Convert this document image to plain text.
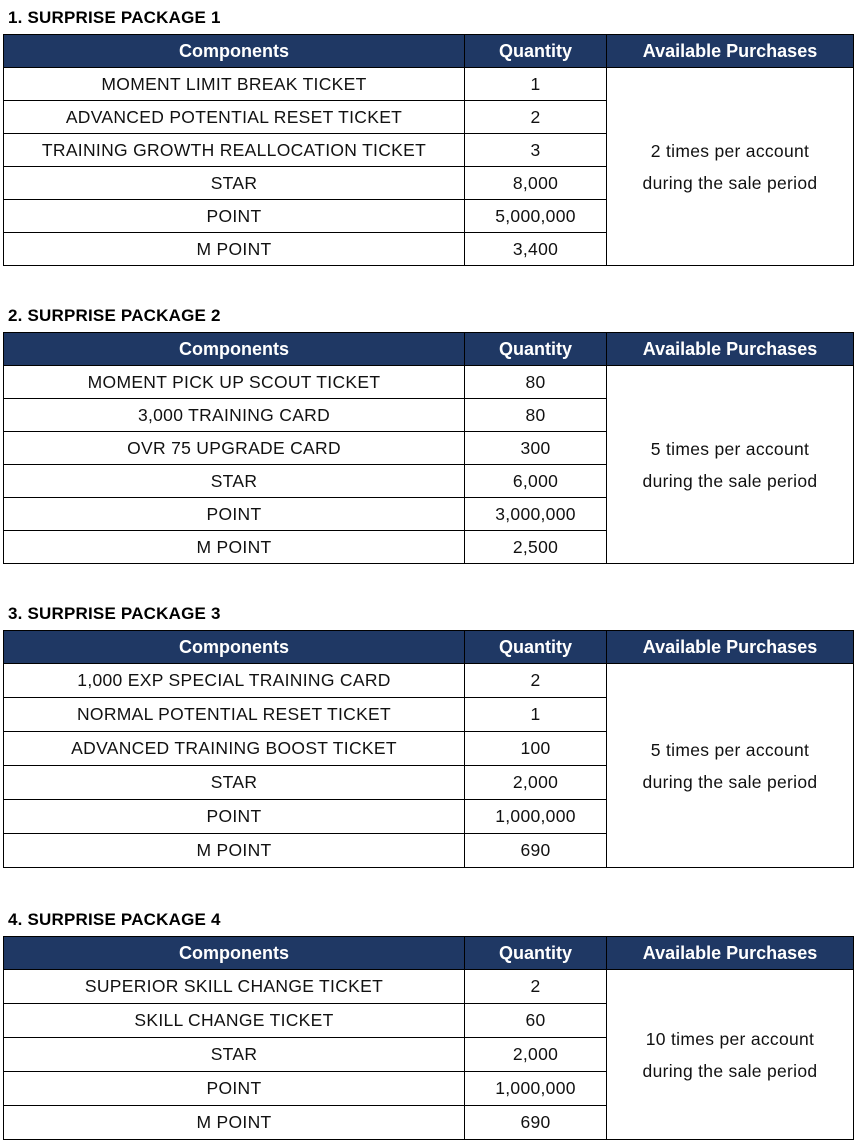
1. SURPRISE PACKAGE 1
Components	Quantity	Available Purchases
MOMENT LIMIT BREAK TICKET	1	2 times per account
during the sale period

ADVANCED POTENTIAL RESET TICKET	2	
TRAINING GROWTH REALLOCATION TICKET	3	
STAR	8,000	
POINT	5,000,000	
M POINT	3,400	
2. SURPRISE PACKAGE 2
Components	Quantity	Available Purchases
MOMENT PICK UP SCOUT TICKET	80	5 times per account
during the sale period

3,000 TRAINING CARD	80	
OVR 75 UPGRADE CARD	300	
STAR	6,000	
POINT	3,000,000	
M POINT	2,500	
3. SURPRISE PACKAGE 3
Components	Quantity	Available Purchases
1,000 EXP SPECIAL TRAINING CARD	2	5 times per account
during the sale period

NORMAL POTENTIAL RESET TICKET	1	
ADVANCED TRAINING BOOST TICKET	100	
STAR	2,000	
POINT	1,000,000	
M POINT	690	
4. SURPRISE PACKAGE 4
Components	Quantity	Available Purchases
SUPERIOR SKILL CHANGE TICKET	2	10 times per account
during the sale period

SKILL CHANGE TICKET	60	
STAR	2,000	
POINT	1,000,000	
M POINT	690	
